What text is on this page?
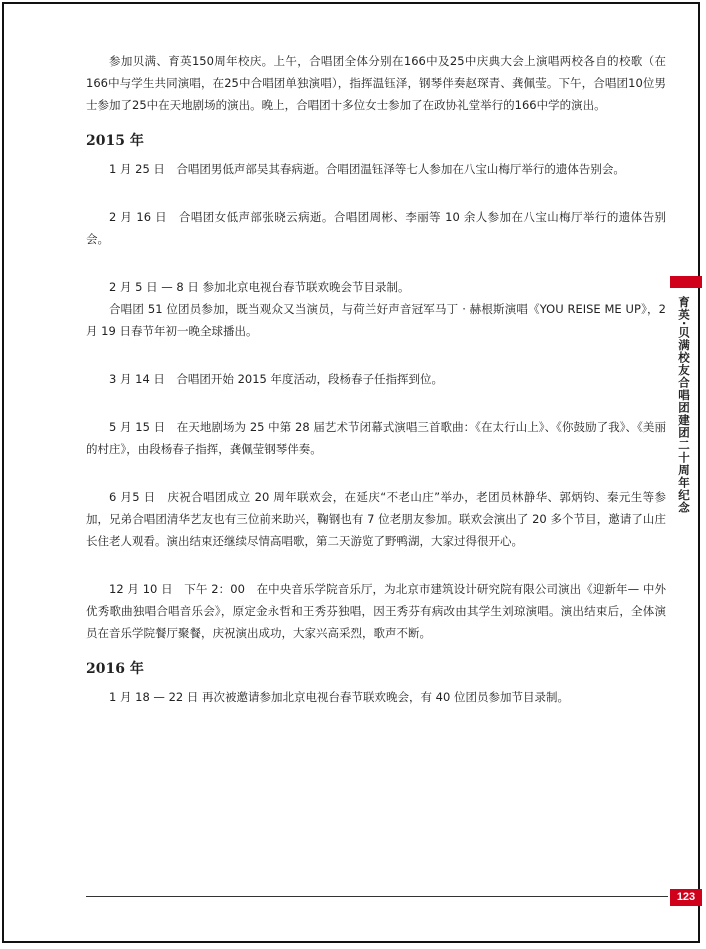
参加贝满、育英150周年校庆。上午，合唱团全体分别在166中及25中庆典大会上演唱两校各自的校歌（在166中与学生共同演唱，在25中合唱团单独演唱），指挥温钰泽，钢琴伴奏赵琛青、龚佩莹。下午，合唱团10位男士参加了25中在天地剧场的演出。晚上，合唱团十多位女士参加了在政协礼堂举行的166中学的演出。

2015 年

1 月 25 日　合唱团男低声部吴其春病逝。合唱团温钰泽等七人参加在八宝山梅厅举行的遗体告别会。

2 月 16 日　合唱团女低声部张晓云病逝。合唱团周彬、李丽等 10 余人参加在八宝山梅厅举行的遗体告别会。

2 月 5 日 — 8 日 参加北京电视台春节联欢晚会节目录制。

合唱团 51 位团员参加，既当观众又当演员，与荷兰好声音冠军马丁 · 赫根斯演唱《YOU REISE ME UP》，2 月 19 日春节年初一晚全球播出。

3 月 14 日　合唱团开始 2015 年度活动，段杨春子任指挥到位。

5 月 15 日　在天地剧场为 25 中第 28 届艺术节闭幕式演唱三首歌曲：《在太行山上》、《你鼓励了我》、《美丽的村庄》，由段杨春子指挥，龚佩莹钢琴伴奏。

6 月5 日　庆祝合唱团成立 20 周年联欢会，在延庆“不老山庄”举办，老团员林静华、郭炳钧、秦元生等参加，兄弟合唱团清华艺友也有三位前来助兴，鞠钢也有 7 位老朋友参加。联欢会演出了 20 多个节目，邀请了山庄长住老人观看。演出结束还继续尽情高唱歌，第二天游览了野鸭湖，大家过得很开心。

12 月 10 日　下午 2：00　在中央音乐学院音乐厅，为北京市建筑设计研究院有限公司演出《迎新年— 中外优秀歌曲独唱合唱音乐会》，原定金永哲和王秀芬独唱，因王秀芬有病改由其学生刘琼演唱。演出结束后，全体演员在音乐学院餐厅聚餐，庆祝演出成功，大家兴高采烈，歌声不断。

2016 年

1 月 18 — 22 日 再次被邀请参加北京电视台春节联欢晚会，有 40 位团员参加节目录制。

育英·贝满校友合唱团建团二十周年纪念
123
